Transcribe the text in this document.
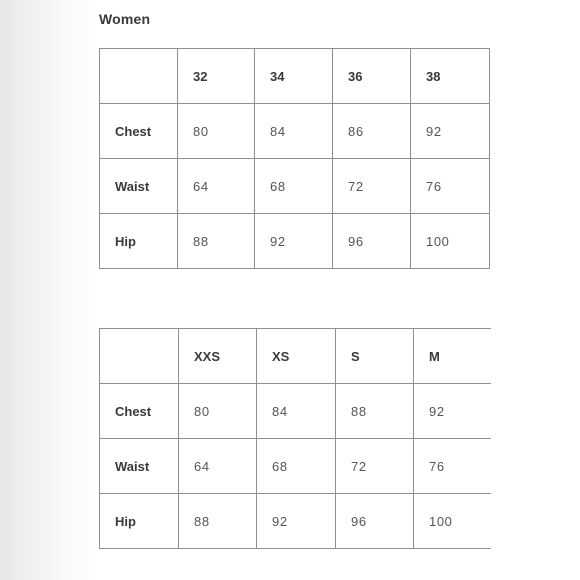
Women
	32	34	36	38
Chest	80	84	86	92
Waist	64	68	72	76
Hip	88	92	96	100
	XXS	XS	S	M
Chest	80	84	88	92
Waist	64	68	72	76
Hip	88	92	96	100
